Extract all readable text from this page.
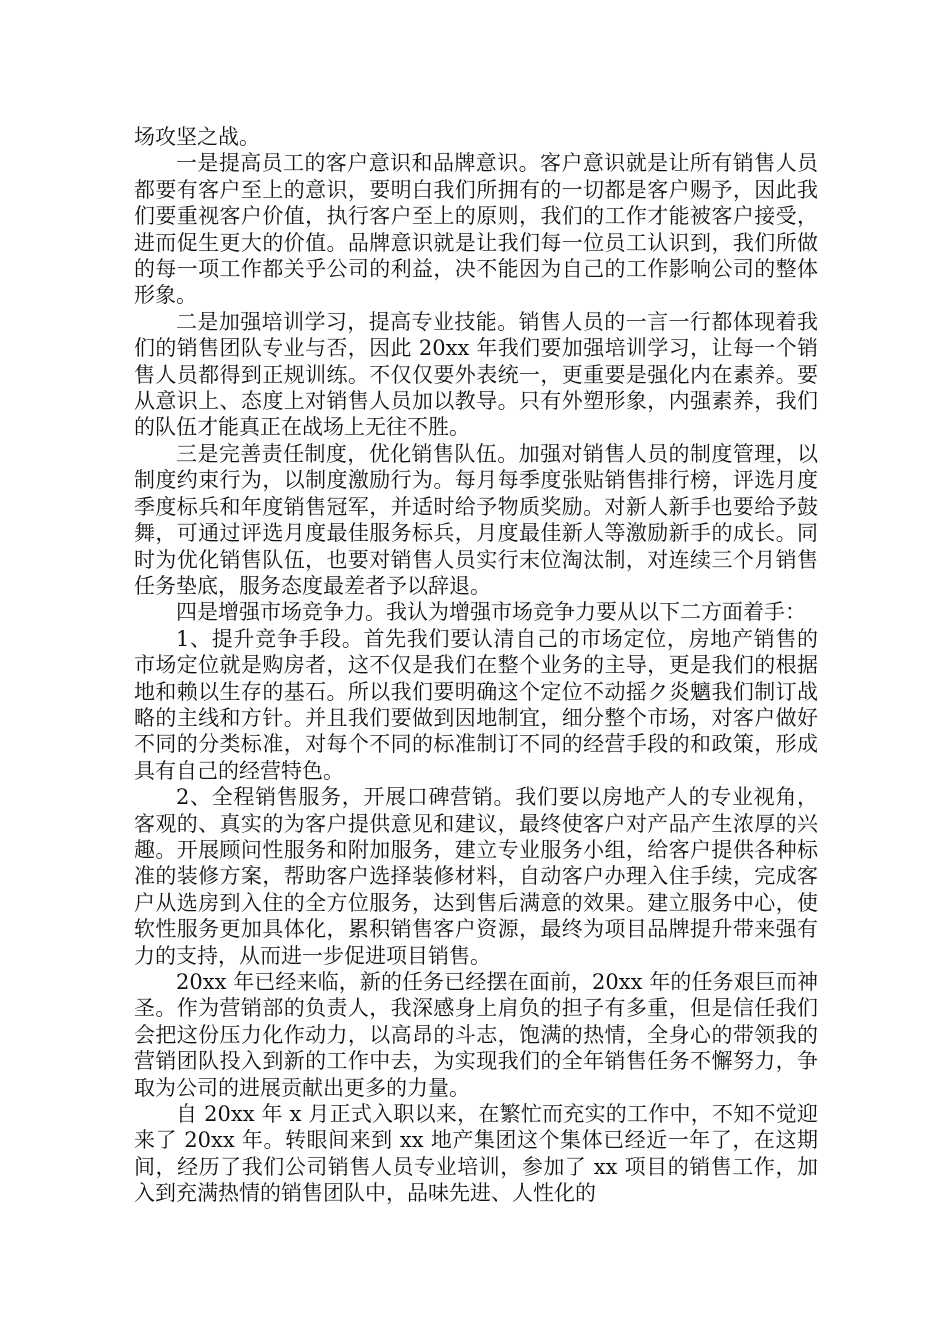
场攻坚之战。

一是提高员工的客户意识和品牌意识。客户意识就是让所有销售人员都要有客户至上的意识，要明白我们所拥有的一切都是客户赐予，因此我们要重视客户价值，执行客户至上的原则，我们的工作才能被客户接受，进而促生更大的价值。品牌意识就是让我们每一位员工认识到，我们所做的每一项工作都关乎公司的利益，决不能因为自己的工作影响公司的整体形象。

二是加强培训学习，提高专业技能。销售人员的一言一行都体现着我们的销售团队专业与否，因此 20xx 年我们要加强培训学习，让每一个销售人员都得到正规训练。不仅仅要外表统一，更重要是强化内在素养。要从意识上、态度上对销售人员加以教导。只有外塑形象，内强素养，我们的队伍才能真正在战场上无往不胜。

三是完善责任制度，优化销售队伍。加强对销售人员的制度管理，以制度约束行为，以制度激励行为。每月每季度张贴销售排行榜，评选月度季度标兵和年度销售冠军，并适时给予物质奖励。对新人新手也要给予鼓舞，可通过评选月度最佳服务标兵，月度最佳新人等激励新手的成长。同时为优化销售队伍，也要对销售人员实行末位淘汰制，对连续三个月销售任务垫底，服务态度最差者予以辞退。

四是增强市场竞争力。我认为增强市场竞争力要从以下二方面着手：

1、提升竞争手段。首先我们要认清自己的市场定位，房地产销售的市场定位就是购房者，这不仅是我们在整个业务的主导，更是我们的根据地和赖以生存的基石。所以我们要明确这个定位不动摇ク炎魑我们制订战略的主线和方针。并且我们要做到因地制宜，细分整个市场，对客户做好不同的分类标准，对每个不同的标准制订不同的经营手段的和政策，形成具有自己的经营特色。

2、全程销售服务，开展口碑营销。我们要以房地产人的专业视角，客观的、真实的为客户提供意见和建议，最终使客户对产品产生浓厚的兴趣。开展顾问性服务和附加服务，建立专业服务小组，给客户提供各种标准的装修方案，帮助客户选择装修材料，自动客户办理入住手续，完成客户从选房到入住的全方位服务，达到售后满意的效果。建立服务中心，使软性服务更加具体化，累积销售客户资源，最终为项目品牌提升带来强有力的支持，从而进一步促进项目销售。

20xx 年已经来临，新的任务已经摆在面前，20xx 年的任务艰巨而神圣。作为营销部的负责人，我深感身上肩负的担子有多重，但是信任我们会把这份压力化作动力，以高昂的斗志，饱满的热情，全身心的带领我的营销团队投入到新的工作中去，为实现我们的全年销售任务不懈努力，争取为公司的进展贡献出更多的力量。

自 20xx 年 x 月正式入职以来，在繁忙而充实的工作中，不知不觉迎来了 20xx 年。转眼间来到 xx 地产集团这个集体已经近一年了，在这期间，经历了我们公司销售人员专业培训，参加了 xx 项目的销售工作，加入到充满热情的销售团队中，品味先进、人性化的
